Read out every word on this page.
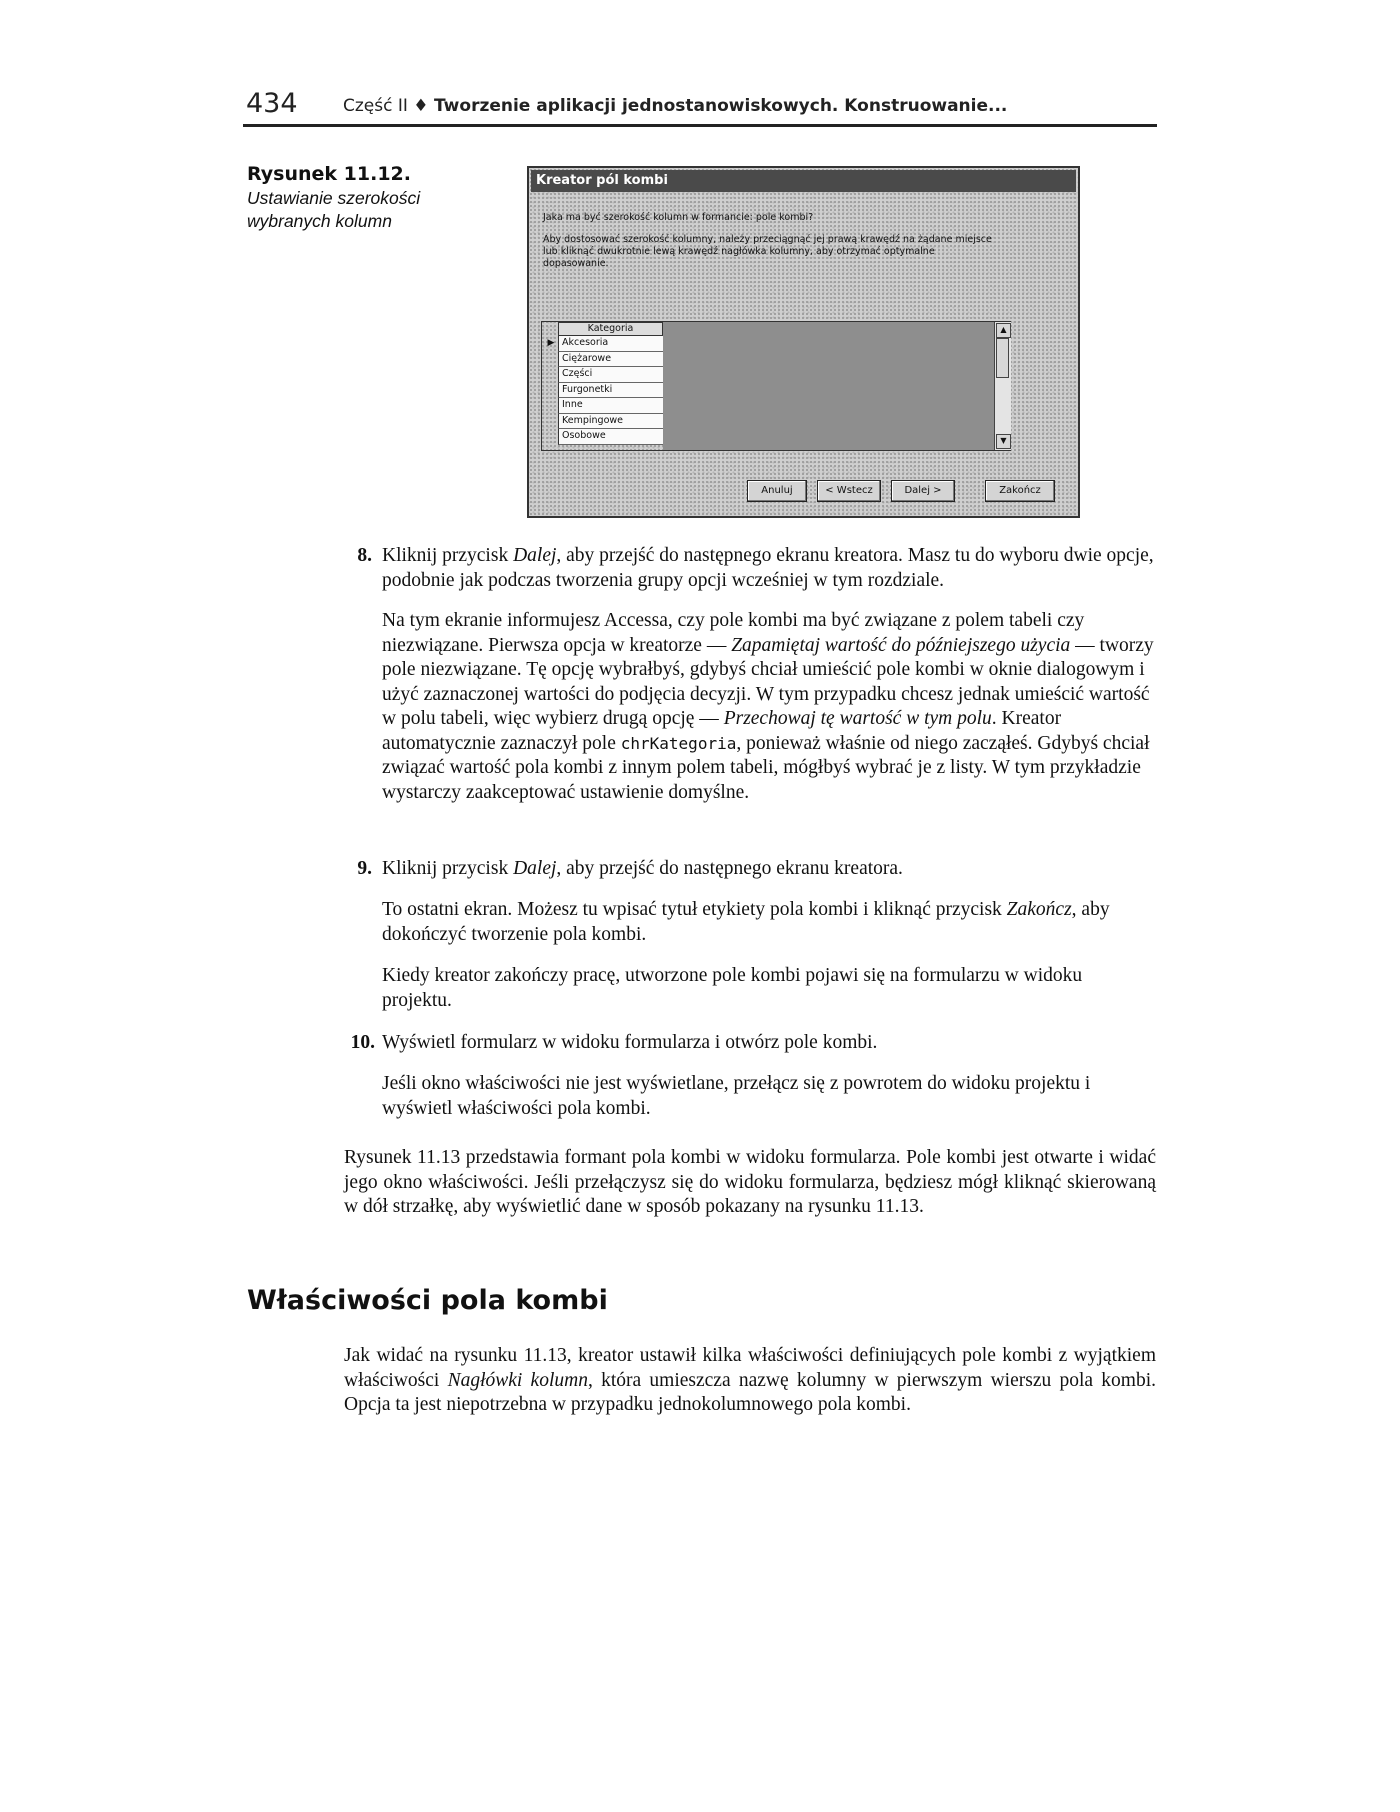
434	Część II ♦ Tworzenie aplikacji jednostanowiskowych. Konstruowanie...

Rysunek 11.12.

Ustawianie szerokości wybranych kolumn

Kreator pól kombi
Jaka ma być szerokość kolumn w formancie: pole kombi?
Aby dostosować szerokość kolumny, należy przeciągnąć jej prawą krawędź na żądane miejsce lub kliknąć dwukrotnie lewą krawędź nagłówka kolumny, aby otrzymać optymalne dopasowanie.
Kategoria
▶ Akcesoria
Ciężarowe
Części
Furgonetki
Inne
Kempingowe
Osobowe
▲
▼
Anuluj	< Wstecz	Dalej >	Zakończ
8. Kliknij przycisk Dalej, aby przejść do następnego ekranu kreatora. Masz tu do wyboru dwie opcje, podobnie jak podczas tworzenia grupy opcji wcześniej w tym rozdziale.

Na tym ekranie informujesz Accessa, czy pole kombi ma być związane z polem tabeli czy niezwiązane. Pierwsza opcja w kreatorze — Zapamiętaj wartość do późniejszego użycia — tworzy pole niezwiązane. Tę opcję wybrałbyś, gdybyś chciał umieścić pole kombi w oknie dialogowym i użyć zaznaczonej wartości do podjęcia decyzji. W tym przypadku chcesz jednak umieścić wartość w polu tabeli, więc wybierz drugą opcję — Przechowaj tę wartość w tym polu. Kreator automatycznie zaznaczył pole chrKategoria, ponieważ właśnie od niego zacząłeś. Gdybyś chciał związać wartość pola kombi z innym polem tabeli, mógłbyś wybrać je z listy. W tym przykładzie wystarczy zaakceptować ustawienie domyślne.

9. Kliknij przycisk Dalej, aby przejść do następnego ekranu kreatora.

To ostatni ekran. Możesz tu wpisać tytuł etykiety pola kombi i kliknąć przycisk Zakończ, aby dokończyć tworzenie pola kombi.

Kiedy kreator zakończy pracę, utworzone pole kombi pojawi się na formularzu w widoku projektu.
10. Wyświetl formularz w widoku formularza i otwórz pole kombi.
Jeśli okno właściwości nie jest wyświetlane, przełącz się z powrotem do widoku projektu i wyświetl właściwości pola kombi.
Rysunek 11.13 przedstawia formant pola kombi w widoku formularza. Pole kombi jest otwarte i widać jego okno właściwości. Jeśli przełączysz się do widoku formularza, będziesz mógł kliknąć skierowaną w dół strzałkę, aby wyświetlić dane w sposób pokazany na rysunku 11.13.
Właściwości pola kombi

Jak widać na rysunku 11.13, kreator ustawił kilka właściwości definiujących pole kombi z wyjątkiem właściwości Nagłówki kolumn, która umieszcza nazwę kolumny w pierwszym wierszu pola kombi. Opcja ta jest niepotrzebna w przypadku jednokolumnowego pola kombi.
